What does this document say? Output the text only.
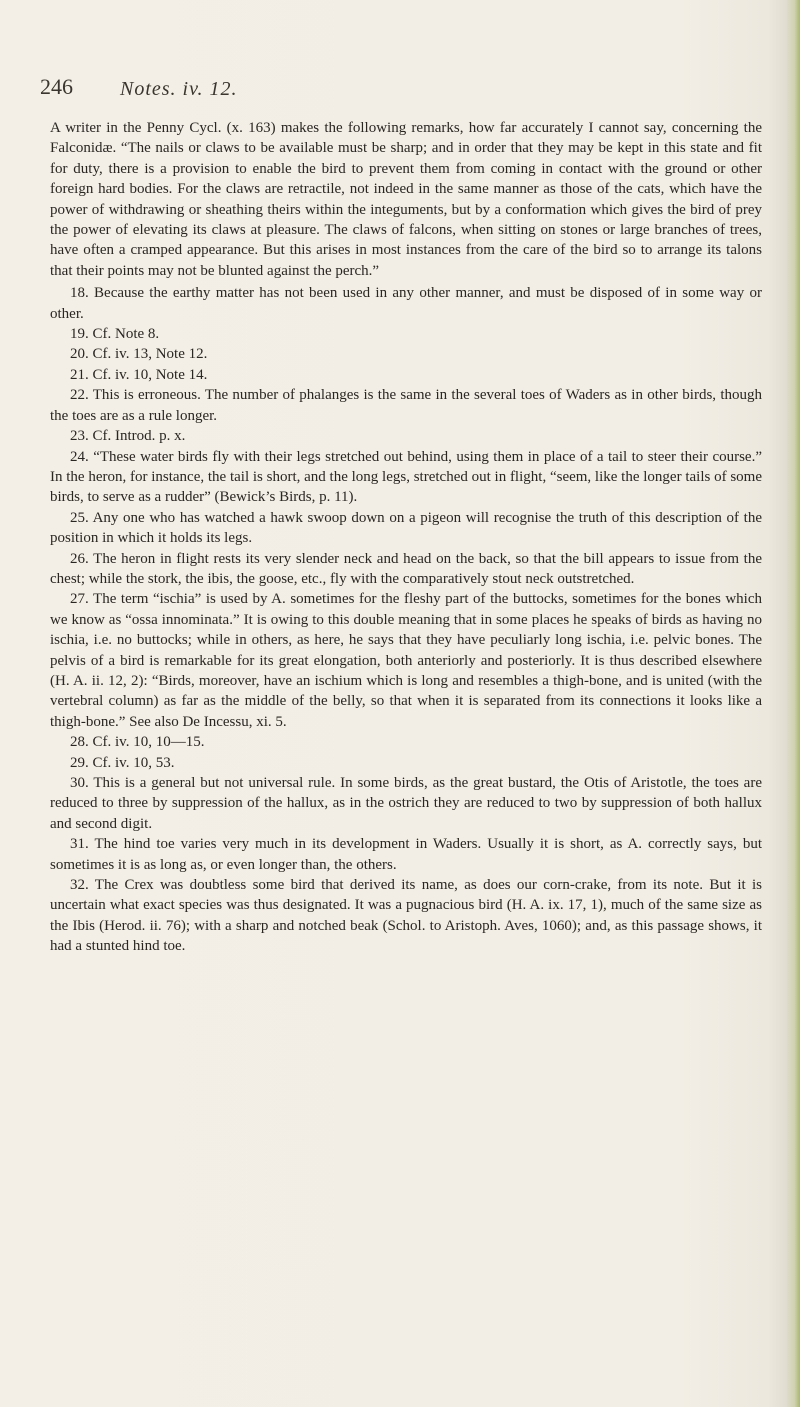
246 Notes. iv. 12.

A writer in the Penny Cycl. (x. 163) makes the following remarks, how far accurately I cannot say, concerning the Falconidæ. “The nails or claws to be available must be sharp; and in order that they may be kept in this state and fit for duty, there is a provision to enable the bird to prevent them from coming in contact with the ground or other foreign hard bodies. For the claws are retractile, not indeed in the same manner as those of the cats, which have the power of withdrawing or sheathing theirs within the integuments, but by a conformation which gives the bird of prey the power of elevating its claws at pleasure. The claws of falcons, when sitting on stones or large branches of trees, have often a cramped appearance. But this arises in most instances from the care of the bird so to arrange its talons that their points may not be blunted against the perch.”

18. Because the earthy matter has not been used in any other manner, and must be disposed of in some way or other.

19. Cf. Note 8.

20. Cf. iv. 13, Note 12.

21. Cf. iv. 10, Note 14.

22. This is erroneous. The number of phalanges is the same in the several toes of Waders as in other birds, though the toes are as a rule longer.

23. Cf. Introd. p. x.

24. “These water birds fly with their legs stretched out behind, using them in place of a tail to steer their course.” In the heron, for instance, the tail is short, and the long legs, stretched out in flight, “seem, like the longer tails of some birds, to serve as a rudder” (Bewick’s Birds, p. 11).

25. Any one who has watched a hawk swoop down on a pigeon will recognise the truth of this description of the position in which it holds its legs.

26. The heron in flight rests its very slender neck and head on the back, so that the bill appears to issue from the chest; while the stork, the ibis, the goose, etc., fly with the comparatively stout neck outstretched.

27. The term “ischia” is used by A. sometimes for the fleshy part of the buttocks, sometimes for the bones which we know as “ossa innominata.” It is owing to this double meaning that in some places he speaks of birds as having no ischia, i.e. no buttocks; while in others, as here, he says that they have peculiarly long ischia, i.e. pelvic bones. The pelvis of a bird is remarkable for its great elongation, both anteriorly and posteriorly. It is thus described elsewhere (H. A. ii. 12, 2): “Birds, moreover, have an ischium which is long and resembles a thigh-bone, and is united (with the vertebral column) as far as the middle of the belly, so that when it is separated from its connections it looks like a thigh-bone.” See also De Incessu, xi. 5.

28. Cf. iv. 10, 10—15.

29. Cf. iv. 10, 53.

30. This is a general but not universal rule. In some birds, as the great bustard, the Otis of Aristotle, the toes are reduced to three by suppression of the hallux, as in the ostrich they are reduced to two by suppression of both hallux and second digit.

31. The hind toe varies very much in its development in Waders. Usually it is short, as A. correctly says, but sometimes it is as long as, or even longer than, the others.

32. The Crex was doubtless some bird that derived its name, as does our corn-crake, from its note. But it is uncertain what exact species was thus designated. It was a pugnacious bird (H. A. ix. 17, 1), much of the same size as the Ibis (Herod. ii. 76); with a sharp and notched beak (Schol. to Aristoph. Aves, 1060); and, as this passage shows, it had a stunted hind toe.
